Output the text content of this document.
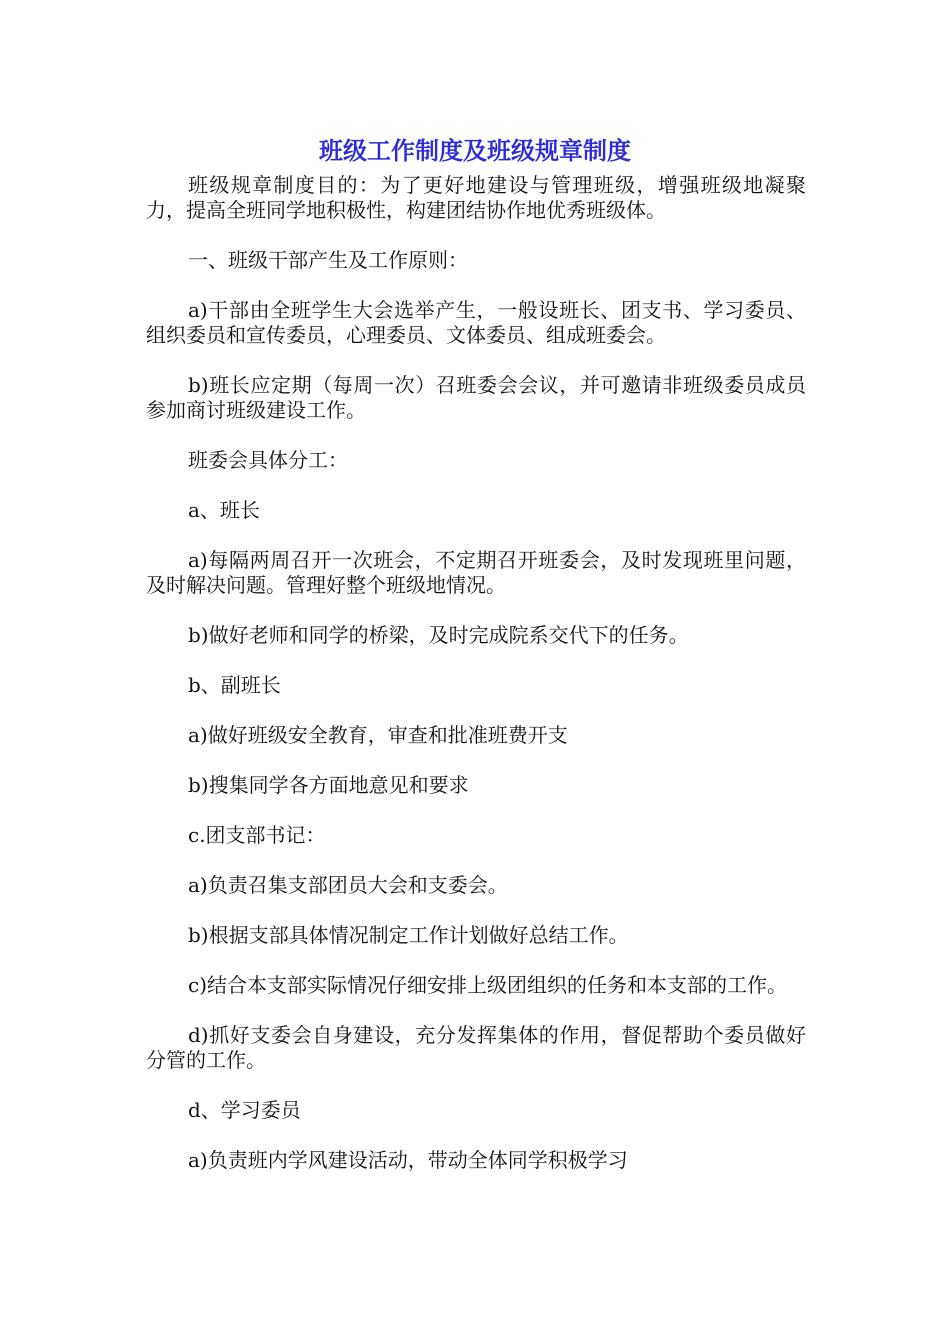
班级工作制度及班级规章制度

班级规章制度目的：为了更好地建设与管理班级，增强班级地凝聚力，提高全班同学地积极性，构建团结协作地优秀班级体。

一、班级干部产生及工作原则：

a)干部由全班学生大会选举产生，一般设班长、团支书、学习委员、组织委员和宣传委员，心理委员、文体委员、组成班委会。

b)班长应定期（每周一次）召班委会会议，并可邀请非班级委员成员参加商讨班级建设工作。

班委会具体分工：

a、班长

a)每隔两周召开一次班会，不定期召开班委会，及时发现班里问题，及时解决问题。管理好整个班级地情况。

b)做好老师和同学的桥梁，及时完成院系交代下的任务。

b、副班长

a)做好班级安全教育，审查和批准班费开支

b)搜集同学各方面地意见和要求

c.团支部书记：

a)负责召集支部团员大会和支委会。

b)根据支部具体情况制定工作计划做好总结工作。

c)结合本支部实际情况仔细安排上级团组织的任务和本支部的工作。

d)抓好支委会自身建设，充分发挥集体的作用，督促帮助个委员做好分管的工作。

d、学习委员

a)负责班内学风建设活动，带动全体同学积极学习
